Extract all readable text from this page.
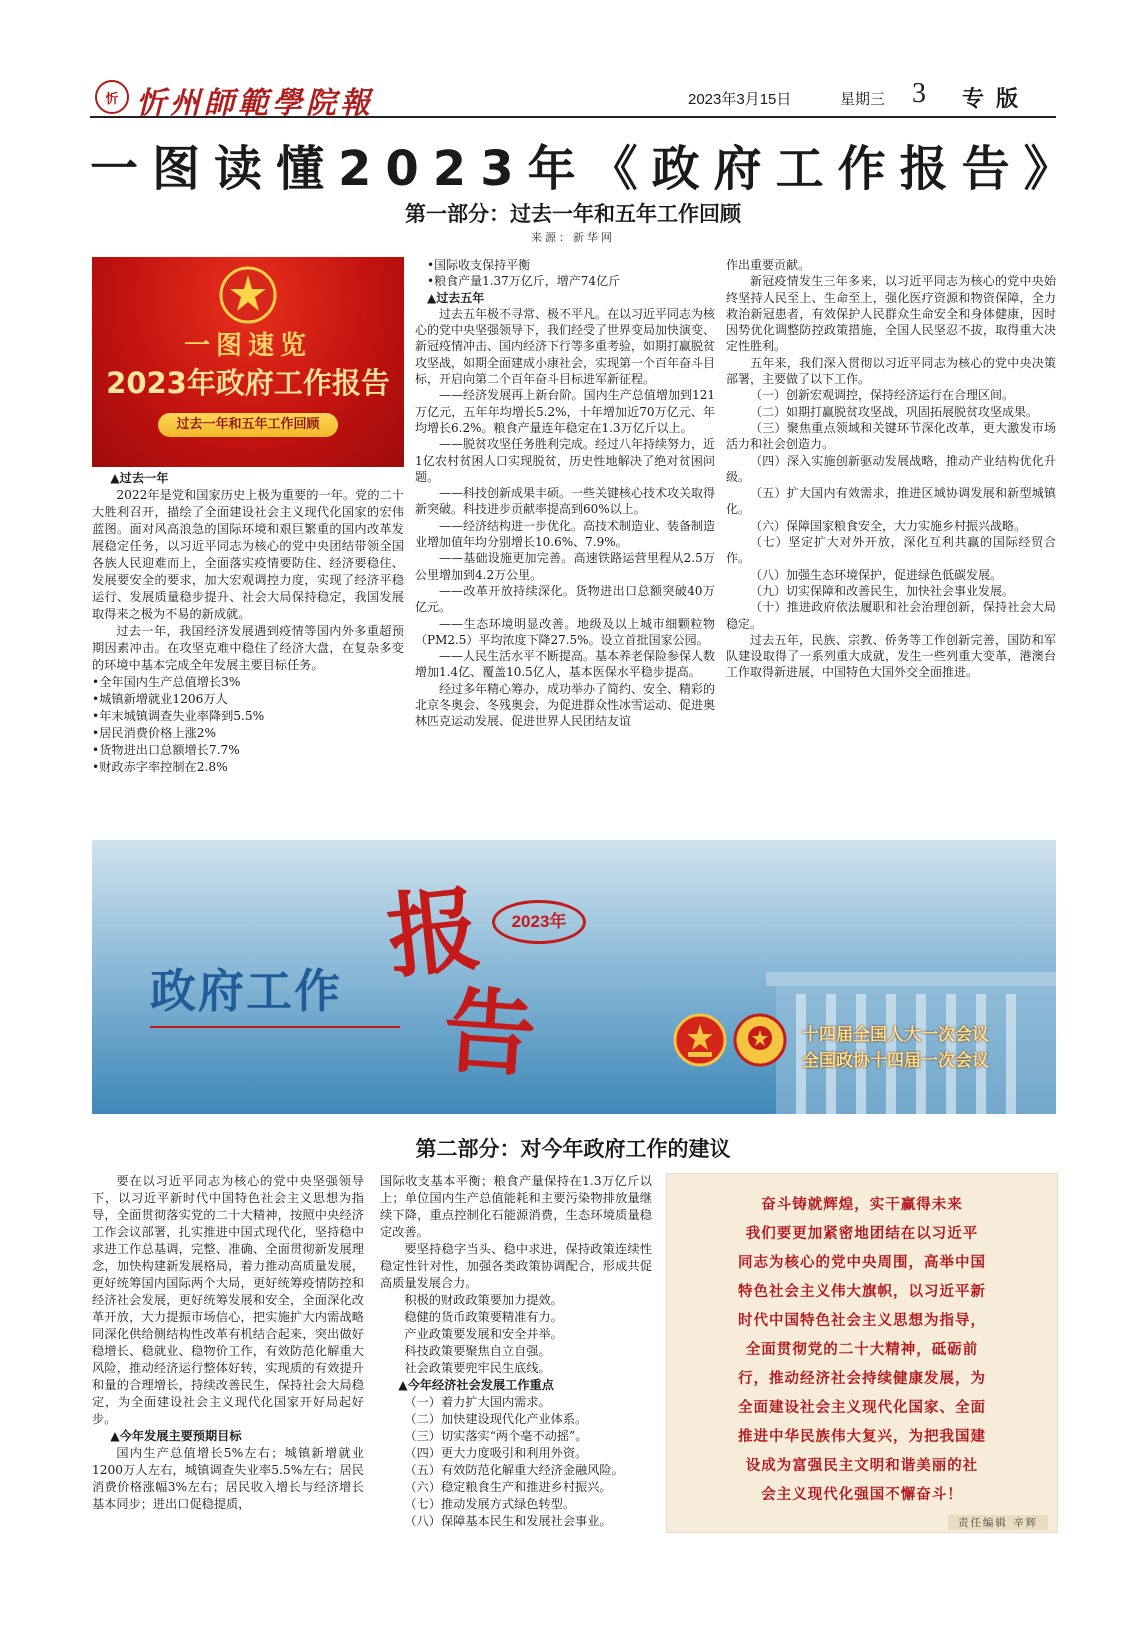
忻 忻州師範學院報	2023年3月15日	星期三 3 专版
一图读懂2023年《政府工作报告》
第一部分：过去一年和五年工作回顾
来源：新华网
一图速览
2023年政府工作报告
过去一年和五年工作回顾

▲过去一年

2022年是党和国家历史上极为重要的一年。党的二十大胜利召开，描绘了全面建设社会主义现代化国家的宏伟蓝图。面对风高浪急的国际环境和艰巨繁重的国内改革发展稳定任务，以习近平同志为核心的党中央团结带领全国各族人民迎难而上，全面落实疫情要防住、经济要稳住、发展要安全的要求，加大宏观调控力度，实现了经济平稳运行、发展质量稳步提升、社会大局保持稳定，我国发展取得来之极为不易的新成就。

过去一年，我国经济发展遇到疫情等国内外多重超预期因素冲击。在攻坚克难中稳住了经济大盘，在复杂多变的环境中基本完成全年发展主要目标任务。

•全年国内生产总值增长3%

•城镇新增就业1206万人

•年末城镇调查失业率降到5.5%

•居民消费价格上涨2%

•货物进出口总额增长7.7%

•财政赤字率控制在2.8%

•国际收支保持平衡

•粮食产量1.37万亿斤，增产74亿斤

▲过去五年

过去五年极不寻常、极不平凡。在以习近平同志为核心的党中央坚强领导下，我们经受了世界变局加快演变、新冠疫情冲击、国内经济下行等多重考验，如期打赢脱贫攻坚战，如期全面建成小康社会，实现第一个百年奋斗目标，开启向第二个百年奋斗目标进军新征程。

——经济发展再上新台阶。国内生产总值增加到121万亿元，五年年均增长5.2%，十年增加近70万亿元、年均增长6.2%。粮食产量连年稳定在1.3万亿斤以上。

——脱贫攻坚任务胜利完成。经过八年持续努力，近1亿农村贫困人口实现脱贫，历史性地解决了绝对贫困问题。

——科技创新成果丰硕。一些关键核心技术攻关取得新突破。科技进步贡献率提高到60%以上。

——经济结构进一步优化。高技术制造业、装备制造业增加值年均分别增长10.6%、7.9%。

——基础设施更加完善。高速铁路运营里程从2.5万公里增加到4.2万公里。

——改革开放持续深化。货物进出口总额突破40万亿元。

——生态环境明显改善。地级及以上城市细颗粒物（PM2.5）平均浓度下降27.5%。设立首批国家公园。

——人民生活水平不断提高。基本养老保险参保人数增加1.4亿、覆盖10.5亿人，基本医保水平稳步提高。

经过多年精心筹办，成功举办了简约、安全、精彩的北京冬奥会、冬残奥会，为促进群众性冰雪运动、促进奥林匹克运动发展、促进世界人民团结友谊

作出重要贡献。

新冠疫情发生三年多来，以习近平同志为核心的党中央始终坚持人民至上、生命至上，强化医疗资源和物资保障，全力救治新冠患者，有效保护人民群众生命安全和身体健康，因时因势优化调整防控政策措施，全国人民坚忍不拔，取得重大决定性胜利。

五年来，我们深入贯彻以习近平同志为核心的党中央决策部署，主要做了以下工作。

（一）创新宏观调控，保持经济运行在合理区间。

（二）如期打赢脱贫攻坚战，巩固拓展脱贫攻坚成果。

（三）聚焦重点领域和关键环节深化改革，更大激发市场活力和社会创造力。

（四）深入实施创新驱动发展战略，推动产业结构优化升级。

（五）扩大国内有效需求，推进区域协调发展和新型城镇化。

（六）保障国家粮食安全，大力实施乡村振兴战略。

（七）坚定扩大对外开放，深化互利共赢的国际经贸合作。

（八）加强生态环境保护，促进绿色低碳发展。

（九）切实保障和改善民生，加快社会事业发展。

（十）推进政府依法履职和社会治理创新，保持社会大局稳定。

过去五年，民族、宗教、侨务等工作创新完善，国防和军队建设取得了一系列重大成就，发生一些列重大变革，港澳台工作取得新进展，中国特色大国外交全面推进。

政府工作 报
告
2023年
十四届全国人大一次会议
全国政协十四届一次会议
第二部分：对今年政府工作的建议

要在以习近平同志为核心的党中央坚强领导下，以习近平新时代中国特色社会主义思想为指导，全面贯彻落实党的二十大精神，按照中央经济工作会议部署，扎实推进中国式现代化，坚持稳中求进工作总基调，完整、准确、全面贯彻新发展理念，加快构建新发展格局，着力推动高质量发展，更好统筹国内国际两个大局，更好统筹疫情防控和经济社会发展，更好统筹发展和安全，全面深化改革开放，大力提振市场信心，把实施扩大内需战略同深化供给侧结构性改革有机结合起来，突出做好稳增长、稳就业、稳物价工作，有效防范化解重大风险，推动经济运行整体好转，实现质的有效提升和量的合理增长，持续改善民生，保持社会大局稳定，为全面建设社会主义现代化国家开好局起好步。

▲今年发展主要预期目标

国内生产总值增长5%左右；城镇新增就业1200万人左右，城镇调查失业率5.5%左右；居民消费价格涨幅3%左右；居民收入增长与经济增长基本同步；进出口促稳提质，

国际收支基本平衡；粮食产量保持在1.3万亿斤以上；单位国内生产总值能耗和主要污染物排放量继续下降，重点控制化石能源消费，生态环境质量稳定改善。

要坚持稳字当头、稳中求进，保持政策连续性稳定性针对性，加强各类政策协调配合，形成共促高质量发展合力。

积极的财政政策要加力提效。

稳健的货币政策要精准有力。

产业政策要发展和安全并举。

科技政策要聚焦自立自强。

社会政策要兜牢民生底线。

▲今年经济社会发展工作重点

（一）着力扩大国内需求。

（二）加快建设现代化产业体系。

（三）切实落实“两个毫不动摇”。

（四）更大力度吸引和利用外资。

（五）有效防范化解重大经济金融风险。

（六）稳定粮食生产和推进乡村振兴。

（七）推动发展方式绿色转型。

（八）保障基本民生和发展社会事业。

奋斗铸就辉煌，实干赢得未来
我们要更加紧密地团结在以习近平
同志为核心的党中央周围，高举中国
特色社会主义伟大旗帜，以习近平新
时代中国特色社会主义思想为指导，
全面贯彻党的二十大精神，砥砺前
行，推动经济社会持续健康发展，为
全面建设社会主义现代化国家、全面
推进中华民族伟大复兴，为把我国建
设成为富强民主文明和谐美丽的社
会主义现代化强国不懈奋斗！
责任编辑 辛辉
